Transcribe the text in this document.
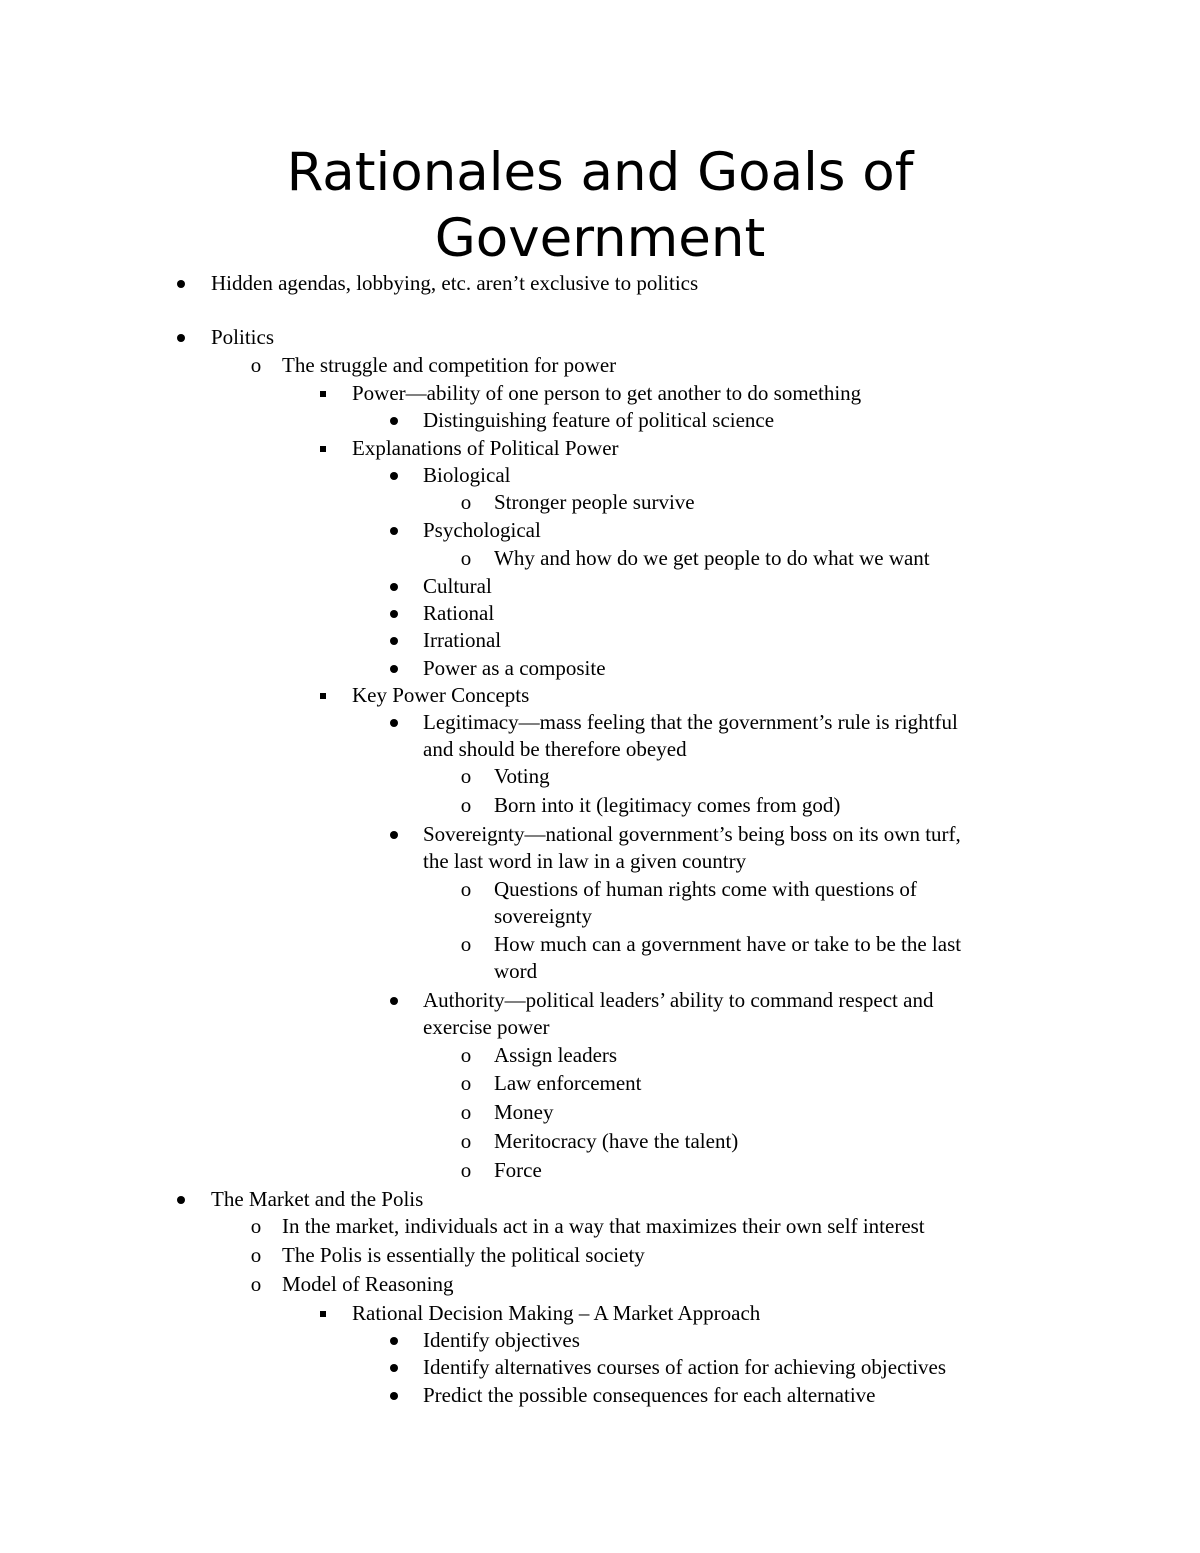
Rationales and Goals of
Government
Hidden agendas, lobbying, etc. aren’t exclusive to politics
Politics
o The struggle and competition for power
Power—ability of one person to get another to do something
Distinguishing feature of political science
Explanations of Political Power
Biological
o Stronger people survive
Psychological
o Why and how do we get people to do what we want
Cultural
Rational
Irrational
Power as a composite
Key Power Concepts
Legitimacy—mass feeling that the government’s rule is rightful
and should be therefore obeyed
o Voting
o Born into it (legitimacy comes from god)
Sovereignty—national government’s being boss on its own turf,
the last word in law in a given country
o Questions of human rights come with questions of
sovereignty
o How much can a government have or take to be the last
word
Authority—political leaders’ ability to command respect and
exercise power
o Assign leaders
o Law enforcement
o Money
o Meritocracy (have the talent)
o Force
The Market and the Polis
o In the market, individuals act in a way that maximizes their own self interest
o The Polis is essentially the political society
o Model of Reasoning
Rational Decision Making – A Market Approach
Identify objectives
Identify alternatives courses of action for achieving objectives
Predict the possible consequences for each alternative
